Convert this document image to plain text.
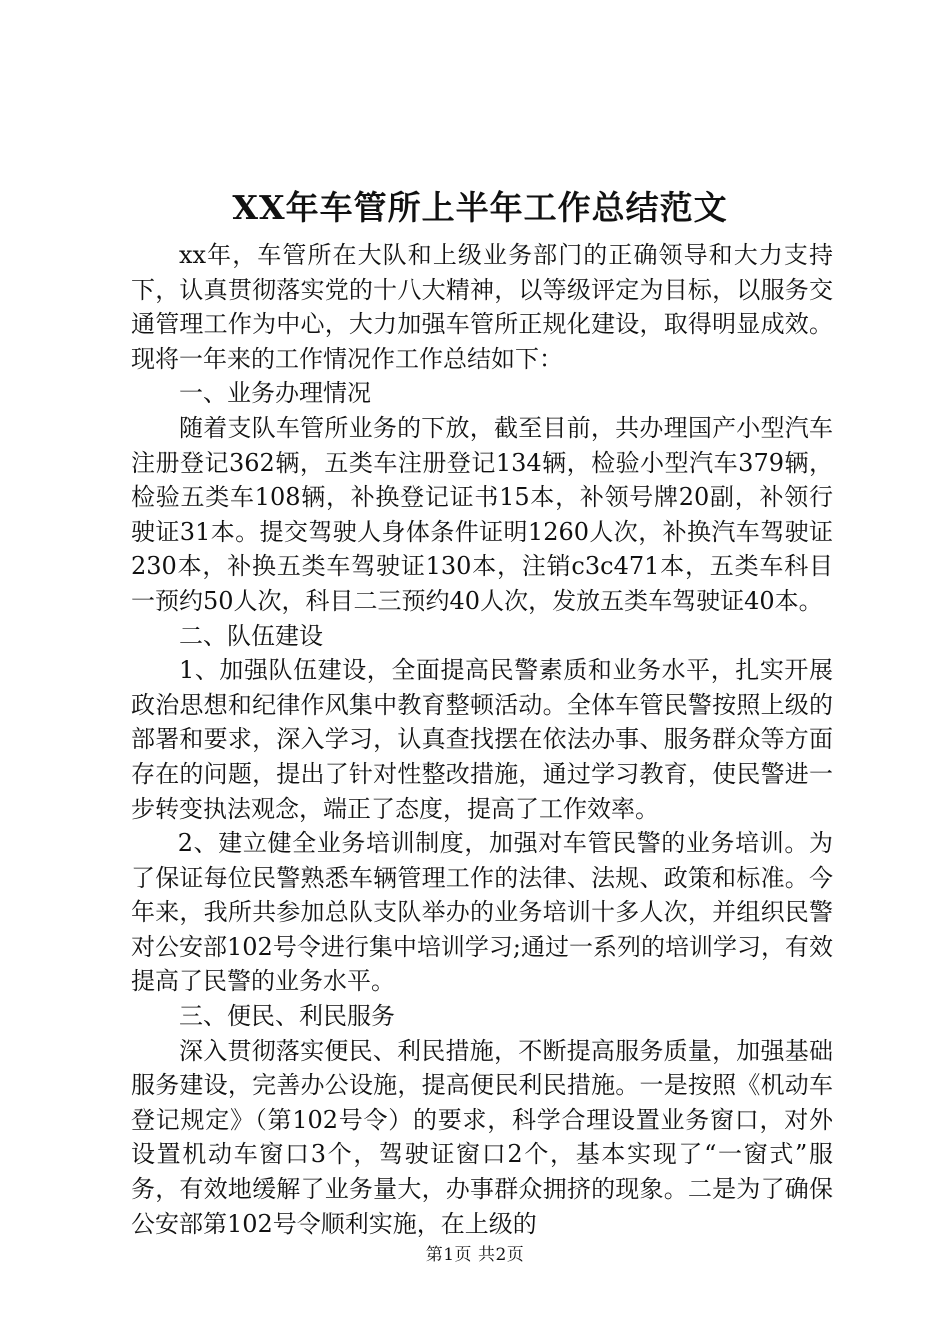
XX年车管所上半年工作总结范文

xx年，车管所在大队和上级业务部门的正确领导和大力支持下，认真贯彻落实党的十八大精神，以等级评定为目标，以服务交通管理工作为中心，大力加强车管所正规化建设，取得明显成效。现将一年来的工作情况作工作总结如下：

一、业务办理情况

随着支队车管所业务的下放，截至目前，共办理国产小型汽车注册登记362辆，五类车注册登记134辆，检验小型汽车379辆，检验五类车108辆，补换登记证书15本，补领号牌20副，补领行驶证31本。提交驾驶人身体条件证明1260人次，补换汽车驾驶证230本，补换五类车驾驶证130本，注销c3c471本，五类车科目一预约50人次，科目二三预约40人次，发放五类车驾驶证40本。

二、队伍建设

1、加强队伍建设，全面提高民警素质和业务水平，扎实开展政治思想和纪律作风集中教育整顿活动。全体车管民警按照上级的部署和要求，深入学习，认真查找摆在依法办事、服务群众等方面存在的问题，提出了针对性整改措施，通过学习教育，使民警进一步转变执法观念，端正了态度，提高了工作效率。

2、建立健全业务培训制度，加强对车管民警的业务培训。为了保证每位民警熟悉车辆管理工作的法律、法规、政策和标准。今年来，我所共参加总队支队举办的业务培训十多人次，并组织民警对公安部102号令进行集中培训学习;通过一系列的培训学习，有效提高了民警的业务水平。

三、便民、利民服务

深入贯彻落实便民、利民措施，不断提高服务质量，加强基础服务建设，完善办公设施，提高便民利民措施。一是按照《机动车登记规定》（第102号令）的要求，科学合理设置业务窗口，对外设置机动车窗口3个，驾驶证窗口2个，基本实现了“一窗式”服务，有效地缓解了业务量大，办事群众拥挤的现象。二是为了确保公安部第102号令顺利实施，在上级的

第1页 共2页
